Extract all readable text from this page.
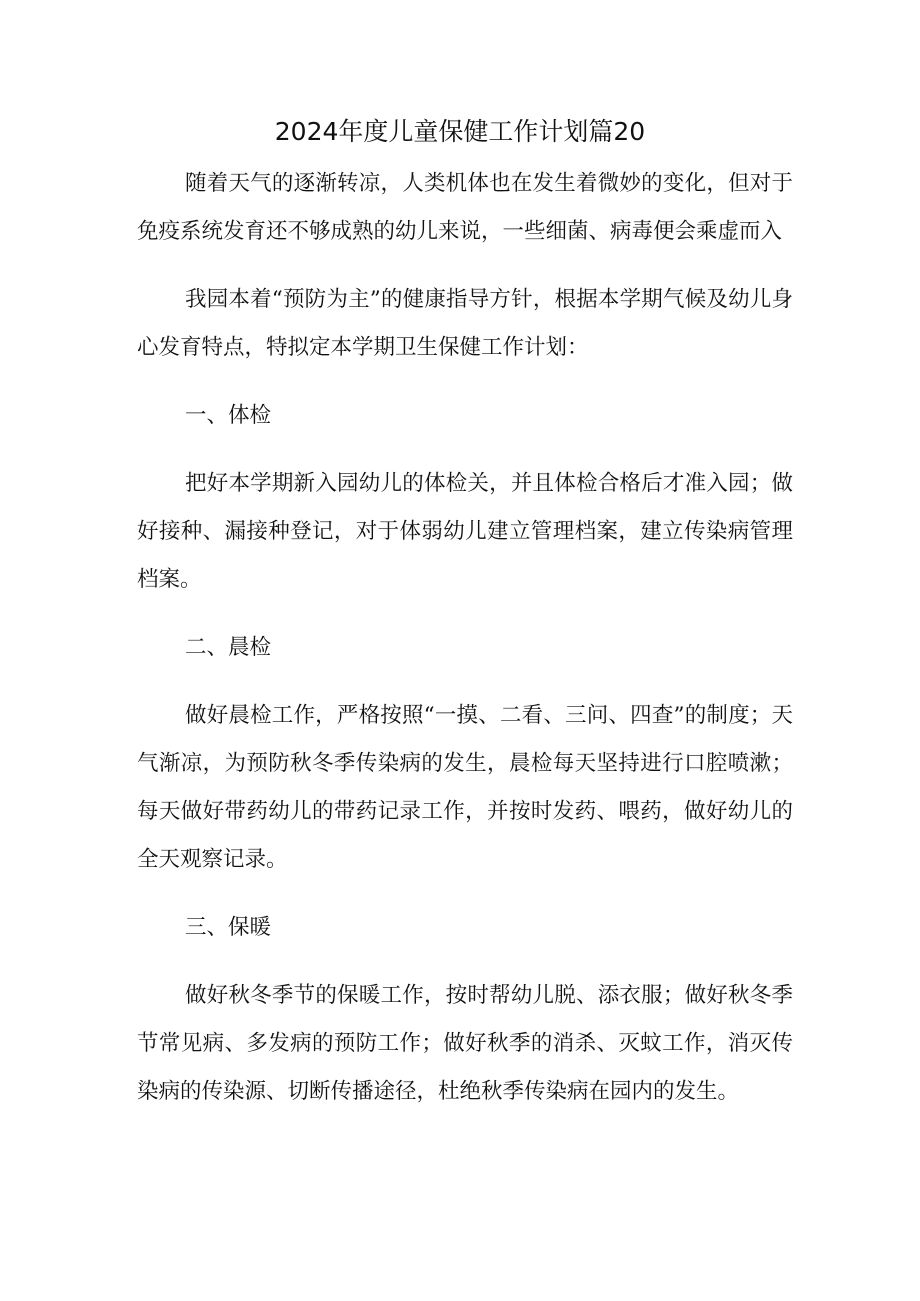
2024年度儿童保健工作计划篇20

随着天气的逐渐转凉，人类机体也在发生着微妙的变化，但对于免疫系统发育还不够成熟的幼儿来说，一些细菌、病毒便会乘虚而入

我园本着“预防为主”的健康指导方针，根据本学期气候及幼儿身心发育特点，特拟定本学期卫生保健工作计划：

一、体检

把好本学期新入园幼儿的体检关，并且体检合格后才准入园；做好接种、漏接种登记，对于体弱幼儿建立管理档案，建立传染病管理档案。

二、晨检

做好晨检工作，严格按照“一摸、二看、三问、四查”的制度；天气渐凉，为预防秋冬季传染病的发生，晨检每天坚持进行口腔喷漱；每天做好带药幼儿的带药记录工作，并按时发药、喂药，做好幼儿的全天观察记录。

三、保暖

做好秋冬季节的保暖工作，按时帮幼儿脱、添衣服；做好秋冬季节常见病、多发病的预防工作；做好秋季的消杀、灭蚊工作，消灭传染病的传染源、切断传播途径，杜绝秋季传染病在园内的发生。
